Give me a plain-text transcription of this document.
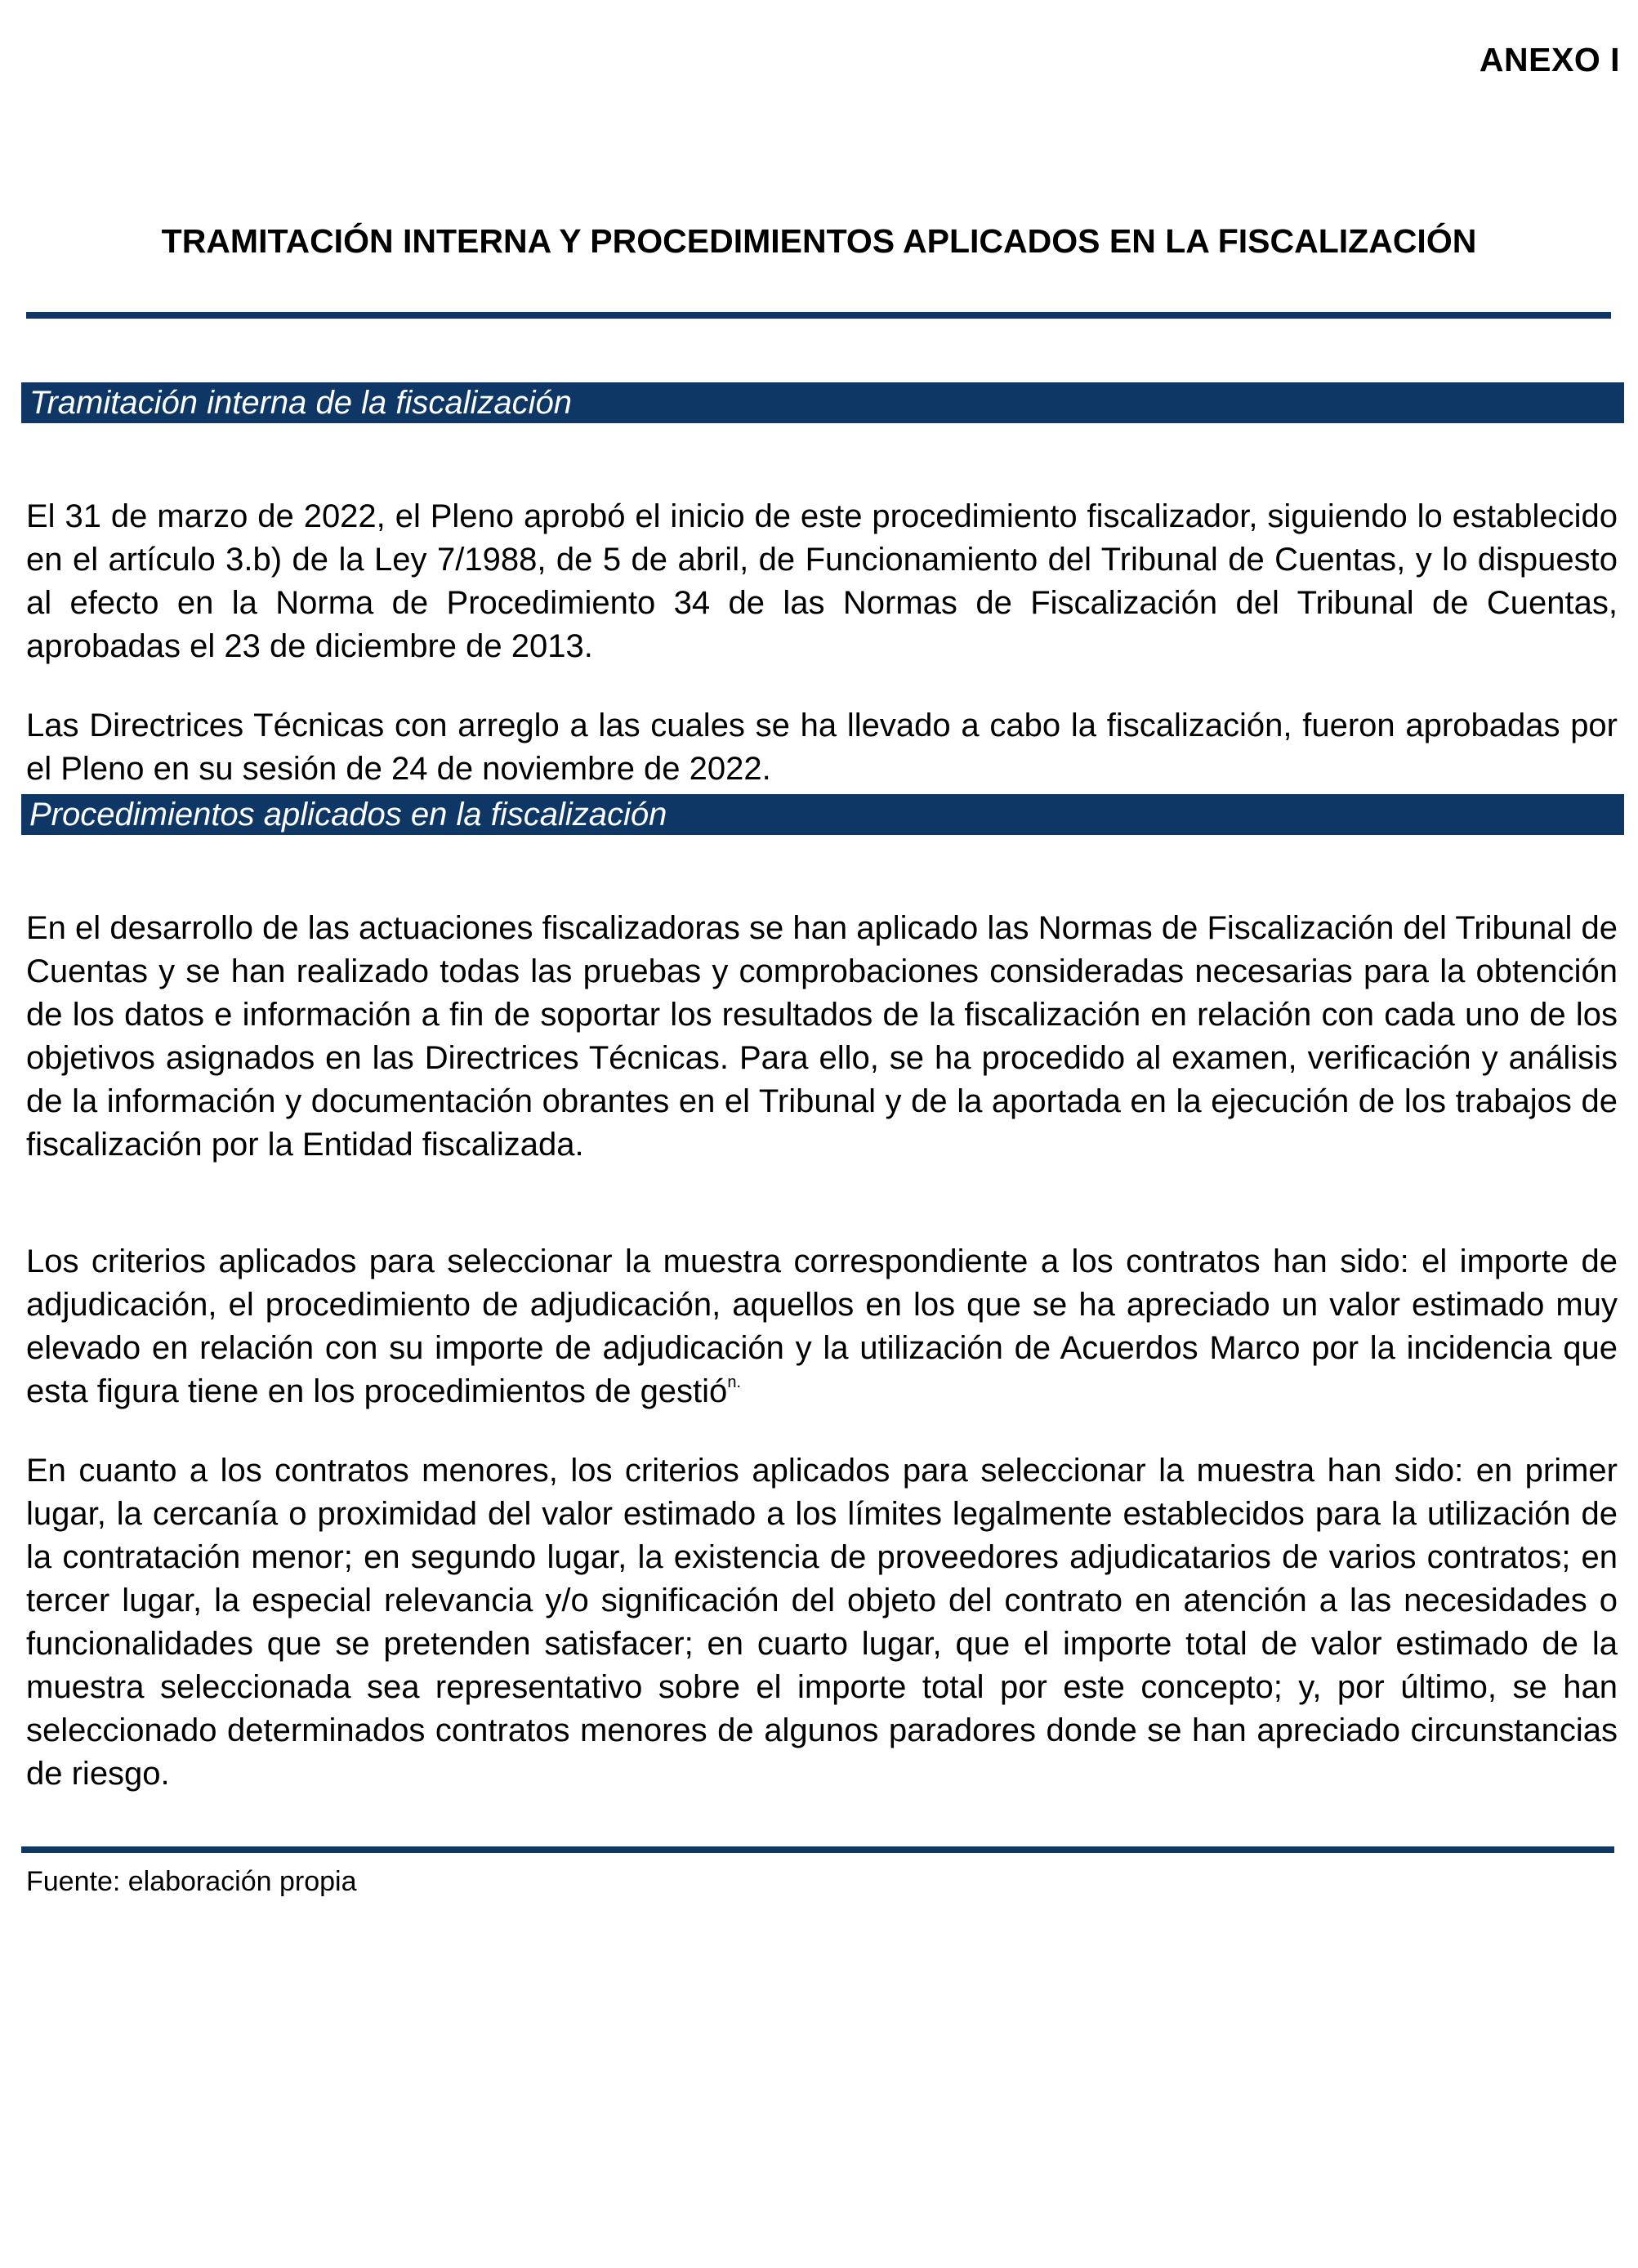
ANEXO I
TRAMITACIÓN INTERNA Y PROCEDIMIENTOS APLICADOS EN LA FISCALIZACIÓN
Tramitación interna de la fiscalización

El 31 de marzo de 2022, el Pleno aprobó el inicio de este procedimiento fiscalizador, siguiendo lo establecido en el artículo 3.b) de la Ley 7/1988, de 5 de abril, de Funcionamiento del Tribunal de Cuentas, y lo dispuesto al efecto en la Norma de Procedimiento 34 de las Normas de Fiscalización del Tribunal de Cuentas, aprobadas el 23 de diciembre de 2013.

Las Directrices Técnicas con arreglo a las cuales se ha llevado a cabo la fiscalización, fueron aprobadas por el Pleno en su sesión de 24 de noviembre de 2022.

Procedimientos aplicados en la fiscalización

En el desarrollo de las actuaciones fiscalizadoras se han aplicado las Normas de Fiscalización del Tribunal de Cuentas y se han realizado todas las pruebas y comprobaciones consideradas necesarias para la obtención de los datos e información a fin de soportar los resultados de la fiscalización en relación con cada uno de los objetivos asignados en las Directrices Técnicas. Para ello, se ha procedido al examen, verificación y análisis de la información y documentación obrantes en el Tribunal y de la aportada en la ejecución de los trabajos de fiscalización por la Entidad fiscalizada.

Los criterios aplicados para seleccionar la muestra correspondiente a los contratos han sido: el importe de adjudicación, el procedimiento de adjudicación, aquellos en los que se ha apreciado un valor estimado muy elevado en relación con su importe de adjudicación y la utilización de Acuerdos Marco por la incidencia que esta figura tiene en los procedimientos de gestió$^{n.}$

En cuanto a los contratos menores, los criterios aplicados para seleccionar la muestra han sido: en primer lugar, la cercanía o proximidad del valor estimado a los límites legalmente establecidos para la utilización de la contratación menor; en segundo lugar, la existencia de proveedores adjudicatarios de varios contratos; en tercer lugar, la especial relevancia y/o significación del objeto del contrato en atención a las necesidades o funcionalidades que se pretenden satisfacer; en cuarto lugar, que el importe total de valor estimado de la muestra seleccionada sea representativo sobre el importe total por este concepto; y, por último, se han seleccionado determinados contratos menores de algunos paradores donde se han apreciado circunstancias de riesgo.

Fuente: elaboración propia
